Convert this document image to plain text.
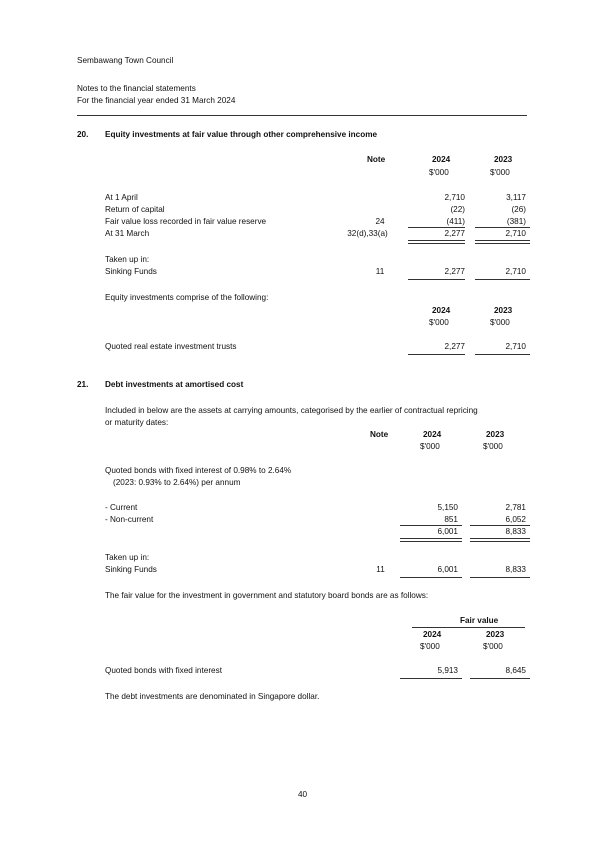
Sembawang Town Council
Notes to the financial statements
For the financial year ended 31 March 2024
20. Equity investments at fair value through other comprehensive income
Note	2024	2023
$'000	$'000
At 1 April	2,710	3,117
Return of capital	(22)	(26)
Fair value loss recorded in fair value reserve	24	(411)	(381)
At 31 March	32(d),33(a)	2,277	2,710
Taken up in:
Sinking Funds	11	2,277	2,710
Equity investments comprise of the following:
2024	2023
$'000	$'000
Quoted real estate investment trusts	2,277	2,710
21. Debt investments at amortised cost
Included in below are the assets at carrying amounts, categorised by the earlier of contractual repricing
or maturity dates:
Note	2024	2023
$'000	$'000
Quoted bonds with fixed interest of 0.98% to 2.64%
(2023: 0.93% to 2.64%) per annum
- Current	5,150	2,781
- Non-current	851	6,052
6,001	8,833
Taken up in:
Sinking Funds	11	6,001	8,833
The fair value for the investment in government and statutory board bonds are as follows:
Fair value
2024	2023
$'000	$'000
Quoted bonds with fixed interest	5,913	8,645
The debt investments are denominated in Singapore dollar.
40
